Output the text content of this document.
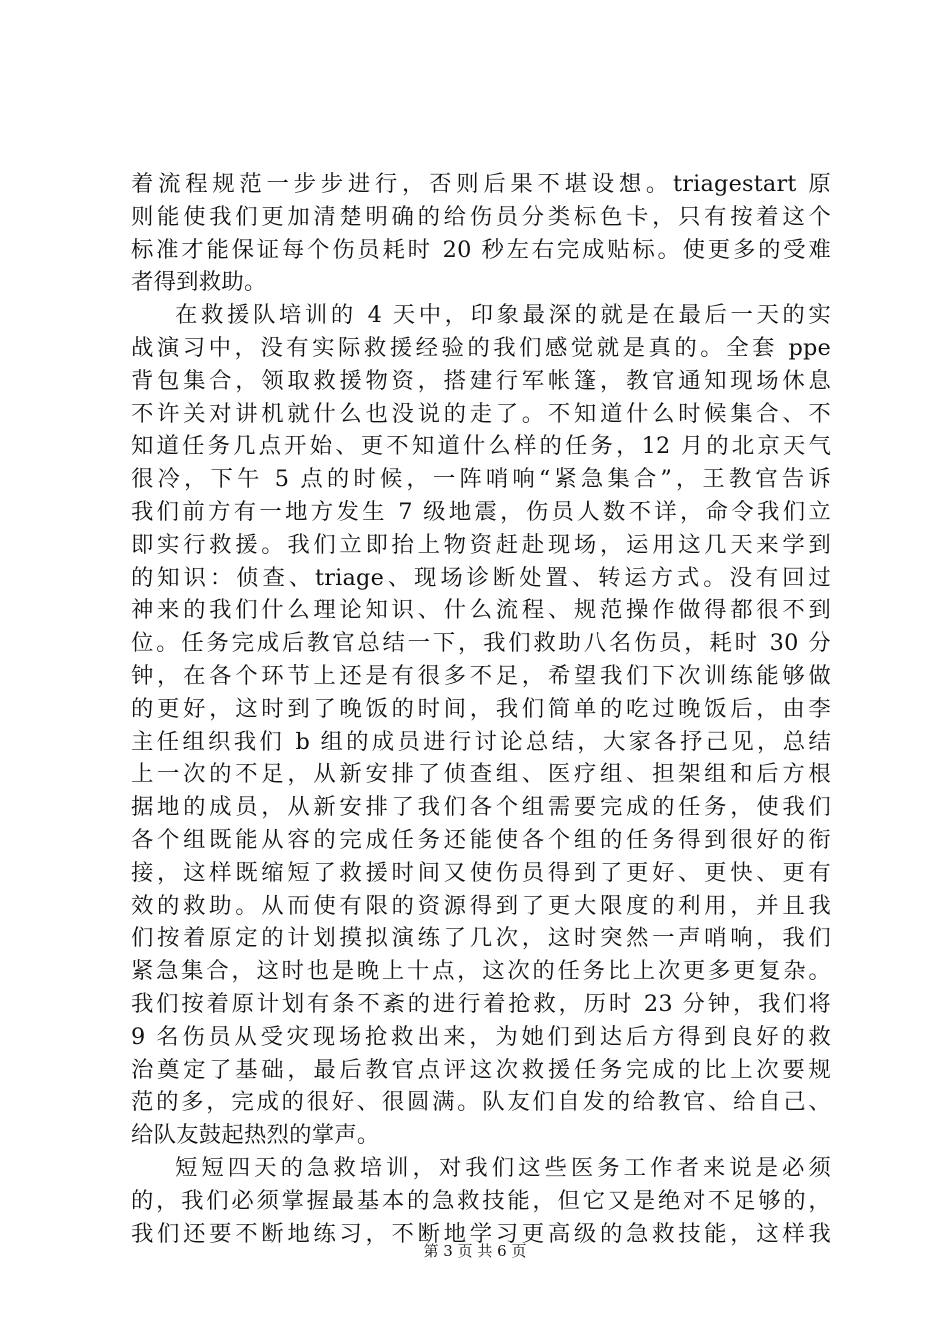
着流程规范一步步进行，否则后果不堪设想。triagestart 原
则能使我们更加清楚明确的给伤员分类标色卡，只有按着这个
标准才能保证每个伤员耗时 20 秒左右完成贴标。使更多的受难
者得到救助。
在救援队培训的 4 天中，印象最深的就是在最后一天的实
战演习中，没有实际救援经验的我们感觉就是真的。全套 ppe
背包集合，领取救援物资，搭建行军帐篷，教官通知现场休息
不许关对讲机就什么也没说的走了。不知道什么时候集合、不
知道任务几点开始、更不知道什么样的任务，12 月的北京天气
很冷，下午 5 点的时候，一阵哨响“紧急集合”，王教官告诉
我们前方有一地方发生 7 级地震，伤员人数不详，命令我们立
即实行救援。我们立即抬上物资赶赴现场，运用这几天来学到
的知识：侦查、triage、现场诊断处置、转运方式。没有回过
神来的我们什么理论知识、什么流程、规范操作做得都很不到
位。任务完成后教官总结一下，我们救助八名伤员，耗时 30 分
钟，在各个环节上还是有很多不足，希望我们下次训练能够做
的更好，这时到了晚饭的时间，我们简单的吃过晚饭后，由李
主任组织我们 b 组的成员进行讨论总结，大家各抒己见，总结
上一次的不足，从新安排了侦查组、医疗组、担架组和后方根
据地的成员，从新安排了我们各个组需要完成的任务，使我们
各个组既能从容的完成任务还能使各个组的任务得到很好的衔
接，这样既缩短了救援时间又使伤员得到了更好、更快、更有
效的救助。从而使有限的资源得到了更大限度的利用，并且我
们按着原定的计划摸拟演练了几次，这时突然一声哨响，我们
紧急集合，这时也是晚上十点，这次的任务比上次更多更复杂。
我们按着原计划有条不紊的进行着抢救，历时 23 分钟，我们将
9 名伤员从受灾现场抢救出来，为她们到达后方得到良好的救
治奠定了基础，最后教官点评这次救援任务完成的比上次要规
范的多，完成的很好、很圆满。队友们自发的给教官、给自己、
给队友鼓起热烈的掌声。
短短四天的急救培训，对我们这些医务工作者来说是必须
的，我们必须掌握最基本的急救技能，但它又是绝对不足够的，
我们还要不断地练习，不断地学习更高级的急救技能，这样我
第 3 页 共 6 页
